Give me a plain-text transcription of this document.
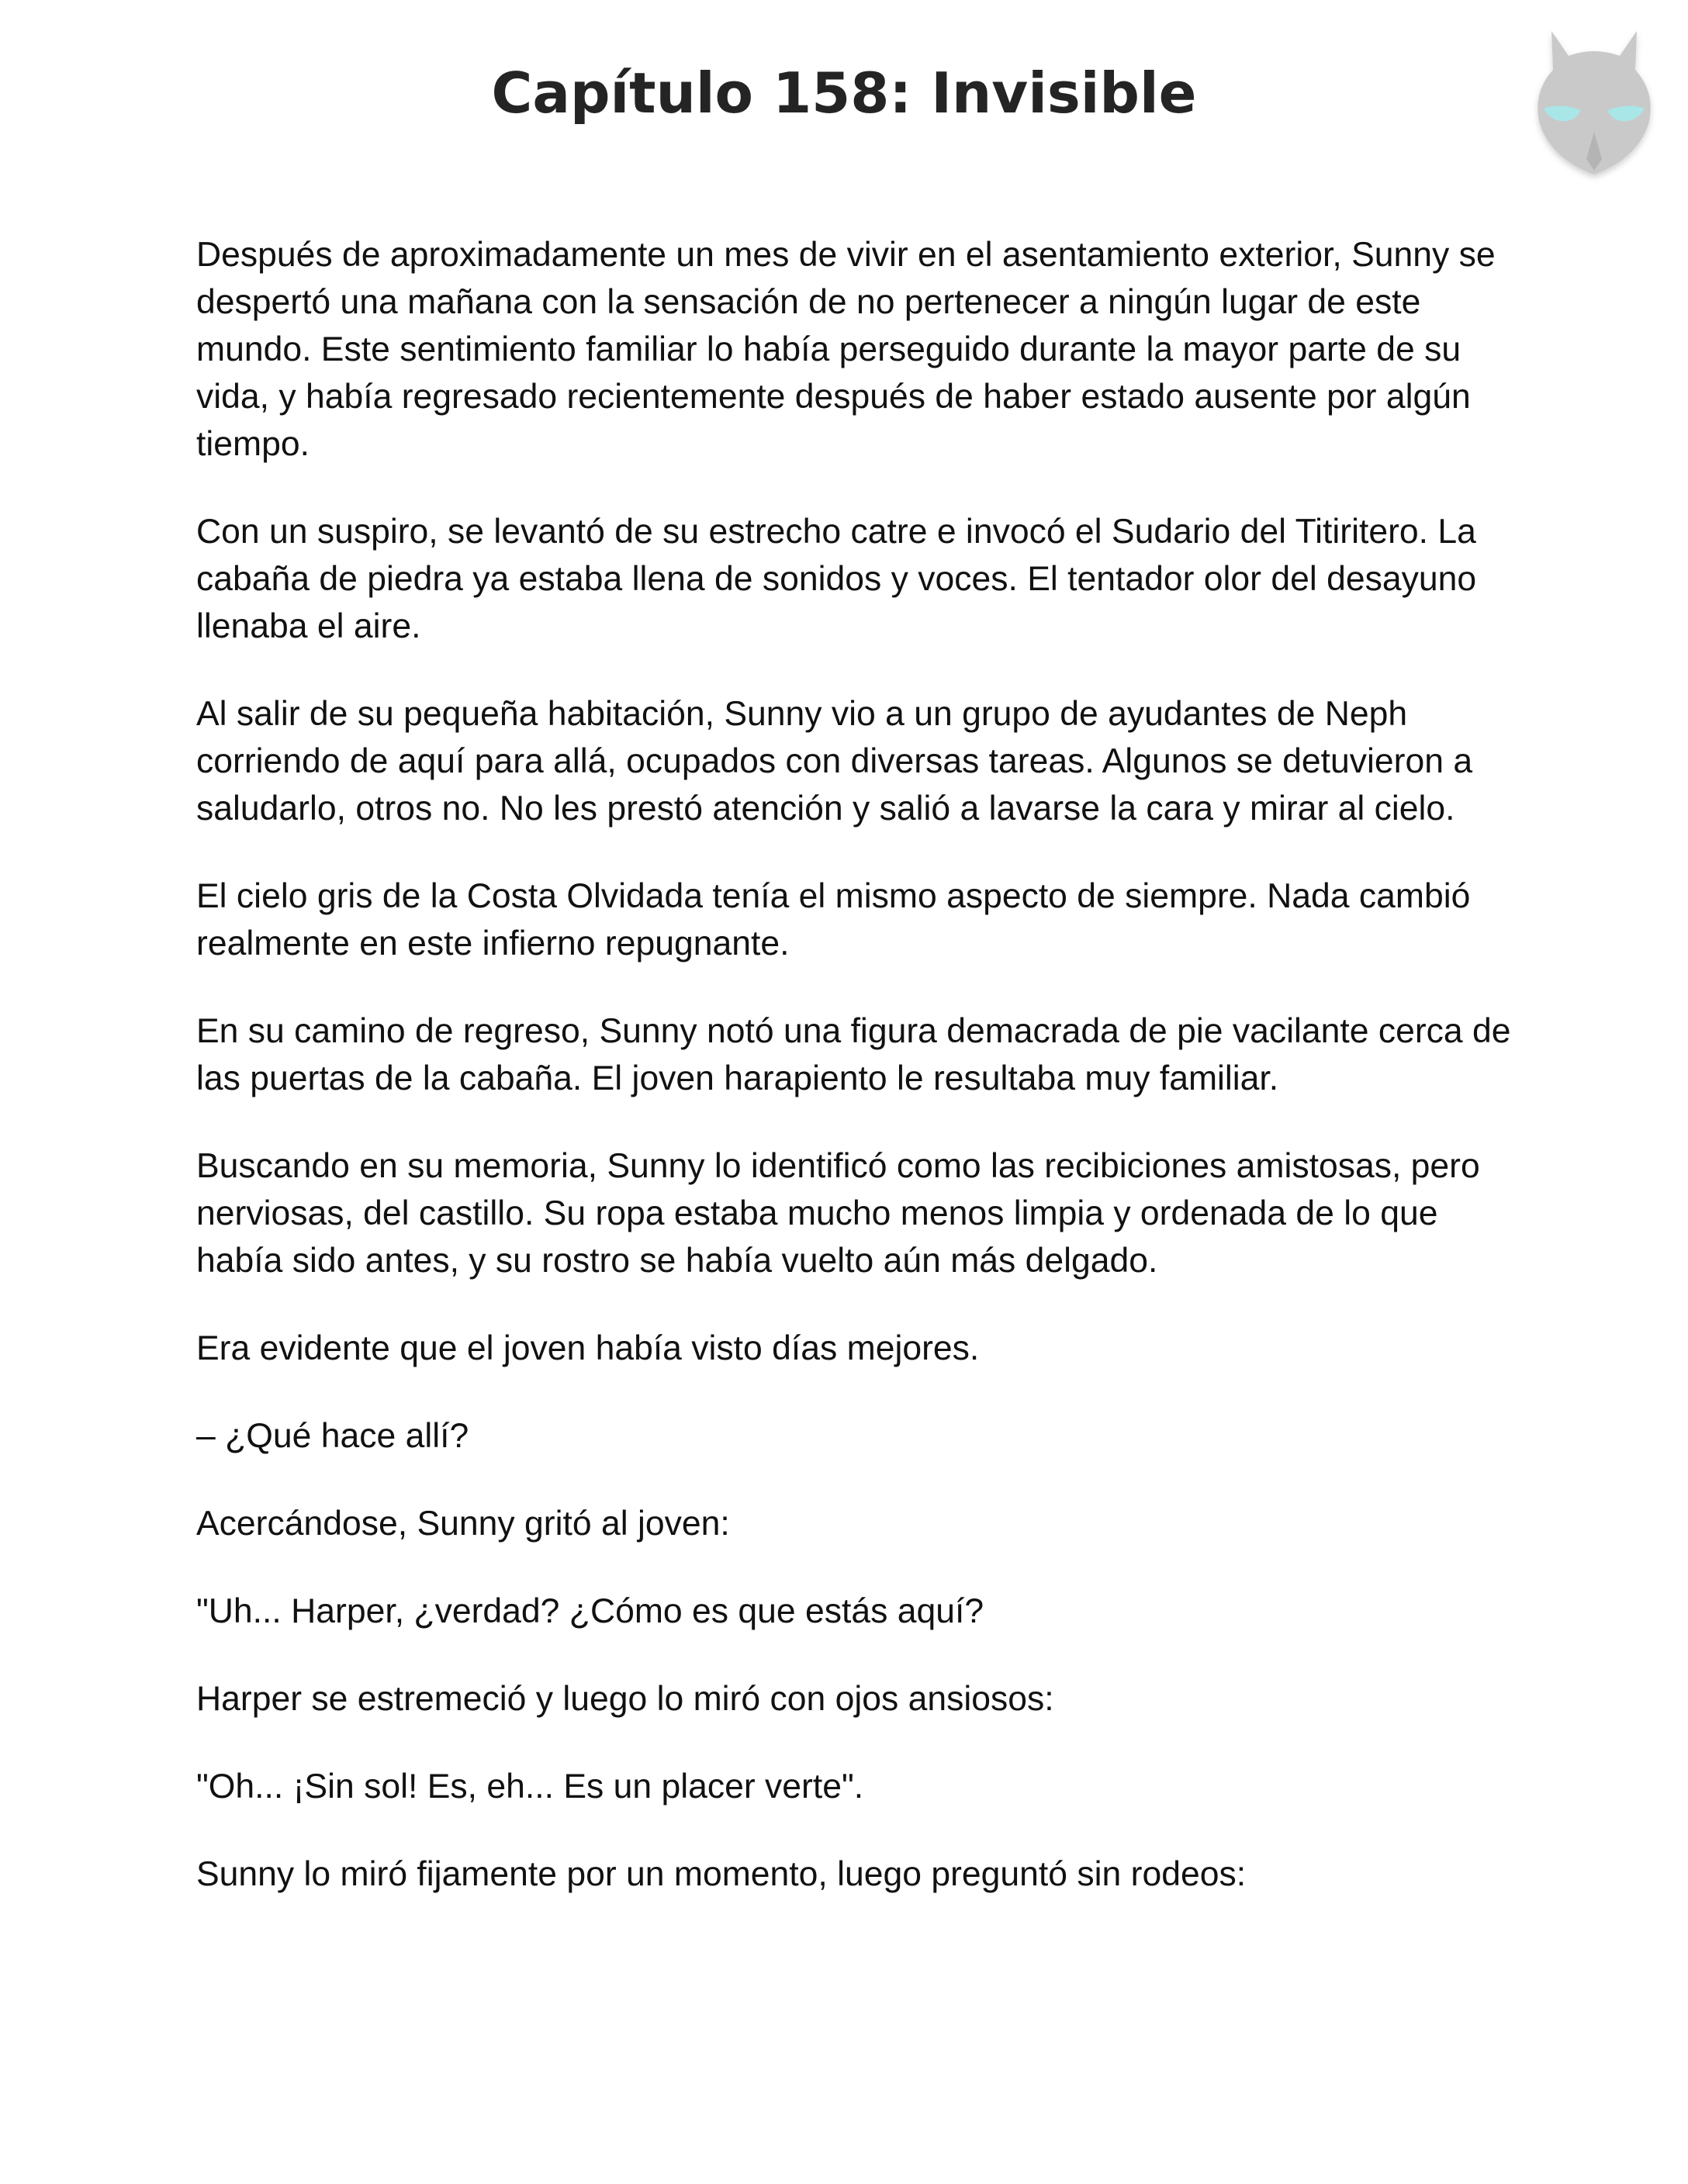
Capítulo 158: Invisible

Después de aproximadamente un mes de vivir en el asentamiento exterior, Sunny se despertó una mañana con la sensación de no pertenecer a ningún lugar de este mundo. Este sentimiento familiar lo había perseguido durante la mayor parte de su vida, y había regresado recientemente después de haber estado ausente por algún tiempo.

Con un suspiro, se levantó de su estrecho catre e invocó el Sudario del Titiritero. La cabaña de piedra ya estaba llena de sonidos y voces. El tentador olor del desayuno llenaba el aire.

Al salir de su pequeña habitación, Sunny vio a un grupo de ayudantes de Neph corriendo de aquí para allá, ocupados con diversas tareas. Algunos se detuvieron a saludarlo, otros no. No les prestó atención y salió a lavarse la cara y mirar al cielo.

El cielo gris de la Costa Olvidada tenía el mismo aspecto de siempre. Nada cambió realmente en este infierno repugnante.

En su camino de regreso, Sunny notó una figura demacrada de pie vacilante cerca de las puertas de la cabaña. El joven harapiento le resultaba muy familiar.

Buscando en su memoria, Sunny lo identificó como las recibiciones amistosas, pero nerviosas, del castillo. Su ropa estaba mucho menos limpia y ordenada de lo que había sido antes, y su rostro se había vuelto aún más delgado.

Era evidente que el joven había visto días mejores.

– ¿Qué hace allí?

Acercándose, Sunny gritó al joven:

"Uh... Harper, ¿verdad? ¿Cómo es que estás aquí?

Harper se estremeció y luego lo miró con ojos ansiosos:

"Oh... ¡Sin sol! Es, eh... Es un placer verte".

Sunny lo miró fijamente por un momento, luego preguntó sin rodeos:
